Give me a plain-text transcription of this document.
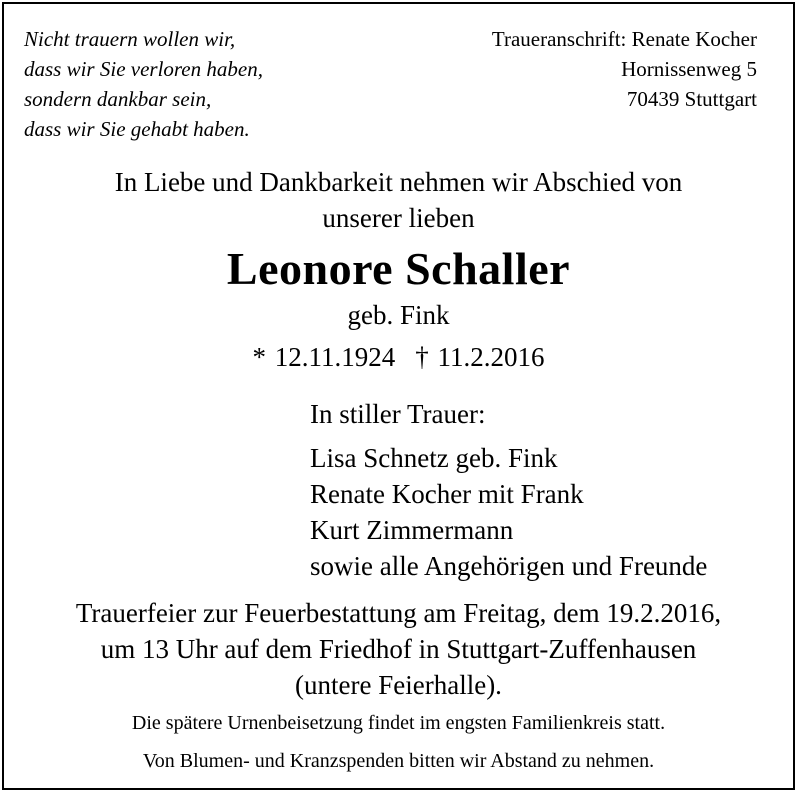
Nicht trauern wollen wir,
dass wir Sie verloren haben,
sondern dankbar sein,
dass wir Sie gehabt haben.
Traueranschrift: Renate Kocher
Hornissenweg 5
70439 Stuttgart
In Liebe und Dankbarkeit nehmen wir Abschied von
unserer lieben
Leonore Schaller
geb. Fink
* 12.11.1924 † 11.2.2016
In stiller Trauer:
Lisa Schnetz geb. Fink
Renate Kocher mit Frank
Kurt Zimmermann
sowie alle Angehörigen und Freunde
Trauerfeier zur Feuerbestattung am Freitag, dem 19.2.2016,
um 13 Uhr auf dem Friedhof in Stuttgart-Zuffenhausen
(untere Feierhalle).
Die spätere Urnenbeisetzung findet im engsten Familienkreis statt.
Von Blumen- und Kranzspenden bitten wir Abstand zu nehmen.
